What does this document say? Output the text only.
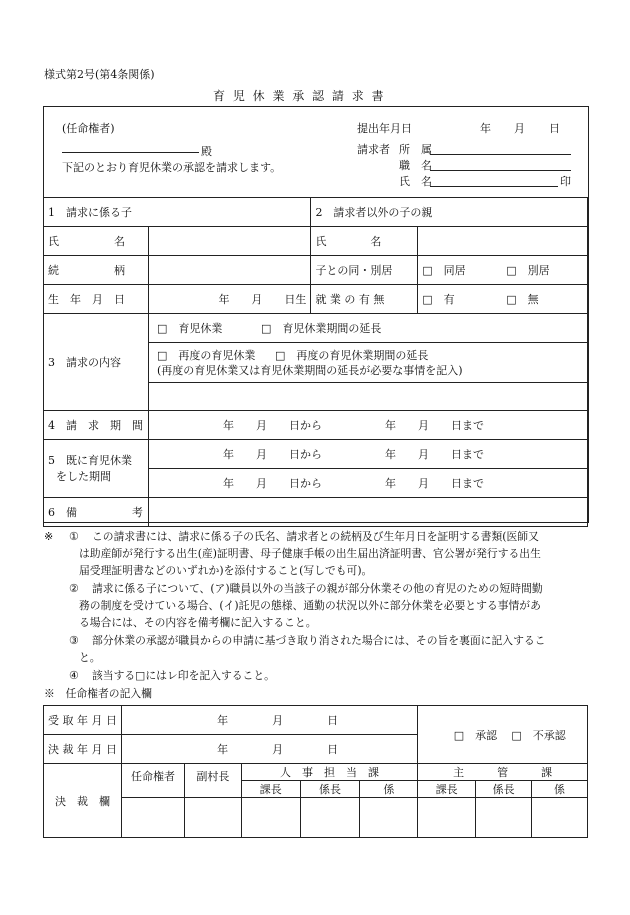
様式第2号(第4条関係)
育 児 休 業 承 認 請 求 書
(任命権者)
殿
下記のとおり育児休業の承認を請求します。
提出年月日	年 月 日
請求者 所　属
職　名
氏　名	印
1　請求に係る子		2　請求者以外の子の親	
氏　　　　　名		氏　　　　名	
続　　　　　柄		子との同・別居	□　同居 □　別居
生　年　月　日	年　　月　　日生	就 業 の 有 無	□　有 □　無
3　請求の内容	□　育児休業 □　育児休業期間の延長		

	□　再度の育児休業 □　再度の育児休業期間の延長
(再度の育児休業又は育児休業期間の延長が必要な事情を記入)		

4　請　求　期　間	年　　月　　日から 年　　月　　日まで		

5　既に育児休業
をした期間	年　　月　　日から 年　　月　　日まで		
	年　　月　　日から 年　　月　　日まで		
6　備　　　　　考			
※ ① この請求書には、請求に係る子の氏名、請求者との続柄及び生年月日を証明する書類(医師又
は助産師が発行する出生(産)証明書、母子健康手帳の出生届出済証明書、官公署が発行する出生
届受理証明書などのいずれか)を添付すること(写しでも可)。
② 請求に係る子について、(ア)職員以外の当該子の親が部分休業その他の育児のための短時間勤
務の制度を受けている場合、(イ)託児の態様、通勤の状況以外に部分休業を必要とする事情があ
る場合には、その内容を備考欄に記入すること。
③ 部分休業の承認が職員からの申請に基づき取り消された場合には、その旨を裏面に記入するこ
と。
④ 該当する□にはレ印を記入すること。
※　任命権者の記入欄
受 取 年 月 日	年　　　　月　　　　日					□　承認 □　不承認		
決 裁 年 月 日	年　　　　月　　　　日							
決　裁　欄	任命権者	副村長	人　事　担　当　課			主　　　管　　　課		
			課長	係長	係	課長	係長	係
